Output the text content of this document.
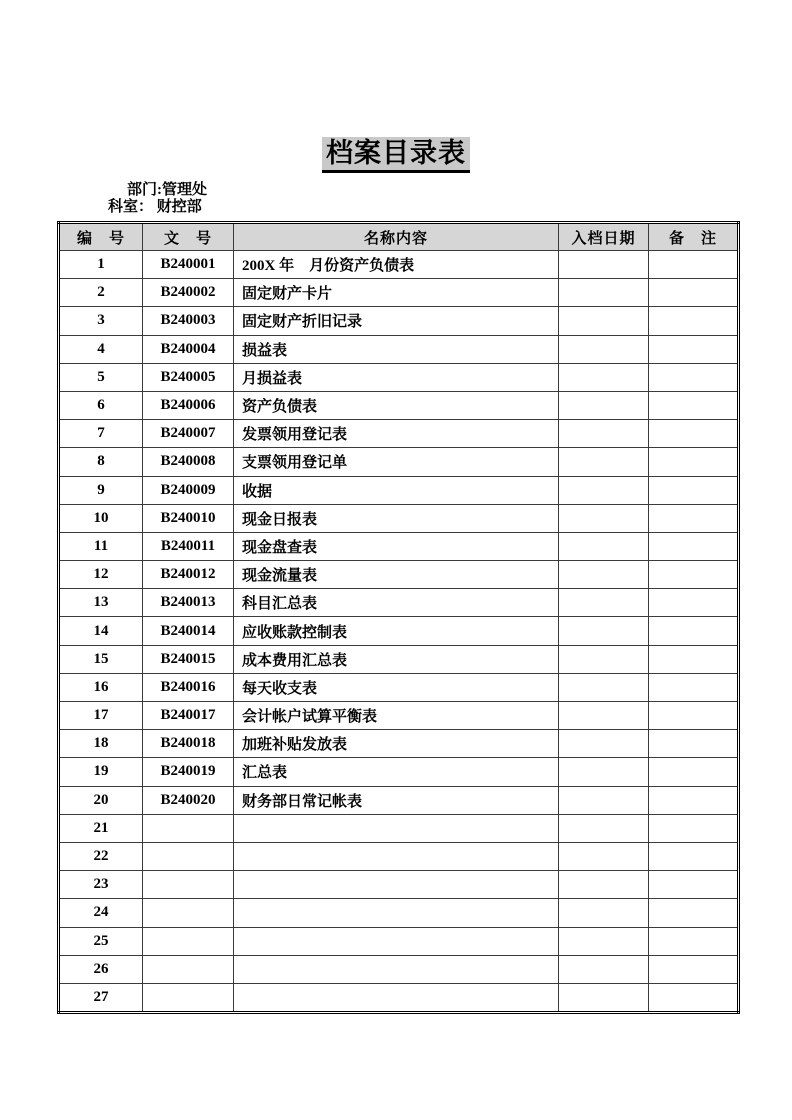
档案目录表
部门:管理处
科室： 财控部
编　号	文　号	名称内容	入档日期	备　注
1	B240001	200X 年　月份资产负债表		
2	B240002	固定财产卡片		
3	B240003	固定财产折旧记录		
4	B240004	损益表		
5	B240005	月损益表		
6	B240006	资产负债表		
7	B240007	发票领用登记表		
8	B240008	支票领用登记单		
9	B240009	收据		
10	B240010	现金日报表		
11	B240011	现金盘查表		
12	B240012	现金流量表		
13	B240013	科目汇总表		
14	B240014	应收账款控制表		
15	B240015	成本费用汇总表		
16	B240016	每天收支表		
17	B240017	会计帐户试算平衡表		
18	B240018	加班补贴发放表		
19	B240019	汇总表		
20	B240020	财务部日常记帐表		
21				
22				
23				
24				
25				
26				
27				
